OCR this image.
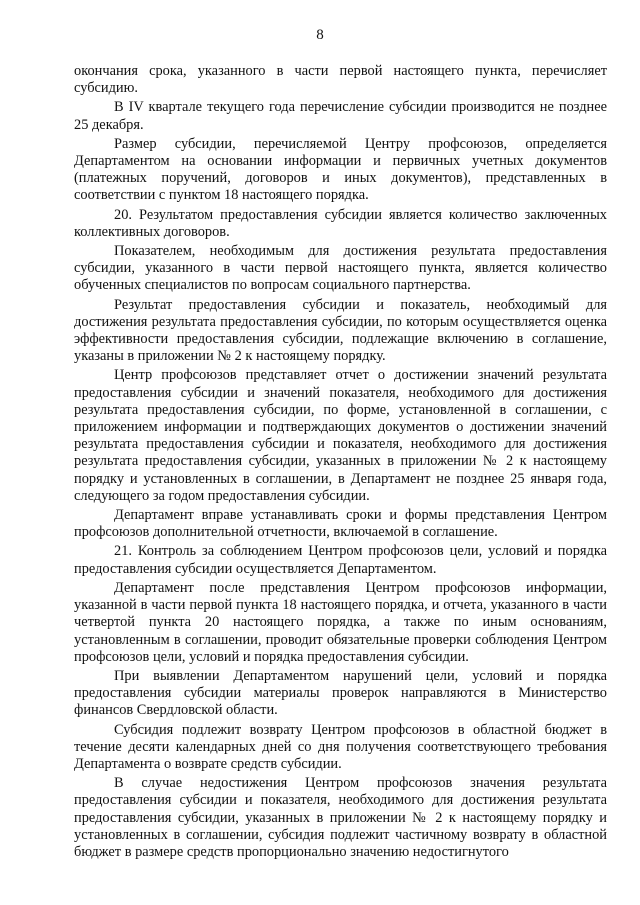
8

окончания срока, указанного в части первой настоящего пункта, перечисляет субсидию.

В IV квартале текущего года перечисление субсидии производится не позднее 25 декабря.

Размер субсидии, перечисляемой Центру профсоюзов, определяется Департаментом на основании информации и первичных учетных документов (платежных поручений, договоров и иных документов), представленных в соответствии с пунктом 18 настоящего порядка.

20. Результатом предоставления субсидии является количество заключенных коллективных договоров.

Показателем, необходимым для достижения результата предоставления субсидии, указанного в части первой настоящего пункта, является количество обученных специалистов по вопросам социального партнерства.

Результат предоставления субсидии и показатель, необходимый для достижения результата предоставления субсидии, по которым осуществляется оценка эффективности предоставления субсидии, подлежащие включению в соглашение, указаны в приложении № 2 к настоящему порядку.

Центр профсоюзов представляет отчет о достижении значений результата предоставления субсидии и значений показателя, необходимого для достижения результата предоставления субсидии, по форме, установленной в соглашении, с приложением информации и подтверждающих документов о достижении значений результата предоставления субсидии и показателя, необходимого для достижения результата предоставления субсидии, указанных в приложении № 2 к настоящему порядку и установленных в соглашении, в Департамент не позднее 25 января года, следующего за годом предоставления субсидии.

Департамент вправе устанавливать сроки и формы представления Центром профсоюзов дополнительной отчетности, включаемой в соглашение.

21. Контроль за соблюдением Центром профсоюзов цели, условий и порядка предоставления субсидии осуществляется Департаментом.

Департамент после представления Центром профсоюзов информации, указанной в части первой пункта 18 настоящего порядка, и отчета, указанного в части четвертой пункта 20 настоящего порядка, а также по иным основаниям, установленным в соглашении, проводит обязательные проверки соблюдения Центром профсоюзов цели, условий и порядка предоставления субсидии.

При выявлении Департаментом нарушений цели, условий и порядка предоставления субсидии материалы проверок направляются в Министерство финансов Свердловской области.

Субсидия подлежит возврату Центром профсоюзов в областной бюджет в течение десяти календарных дней со дня получения соответствующего требования Департамента о возврате средств субсидии.

В случае недостижения Центром профсоюзов значения результата предоставления субсидии и показателя, необходимого для достижения результата предоставления субсидии, указанных в приложении № 2 к настоящему порядку и установленных в соглашении, субсидия подлежит частичному возврату в областной бюджет в размере средств пропорционально значению недостигнутого
